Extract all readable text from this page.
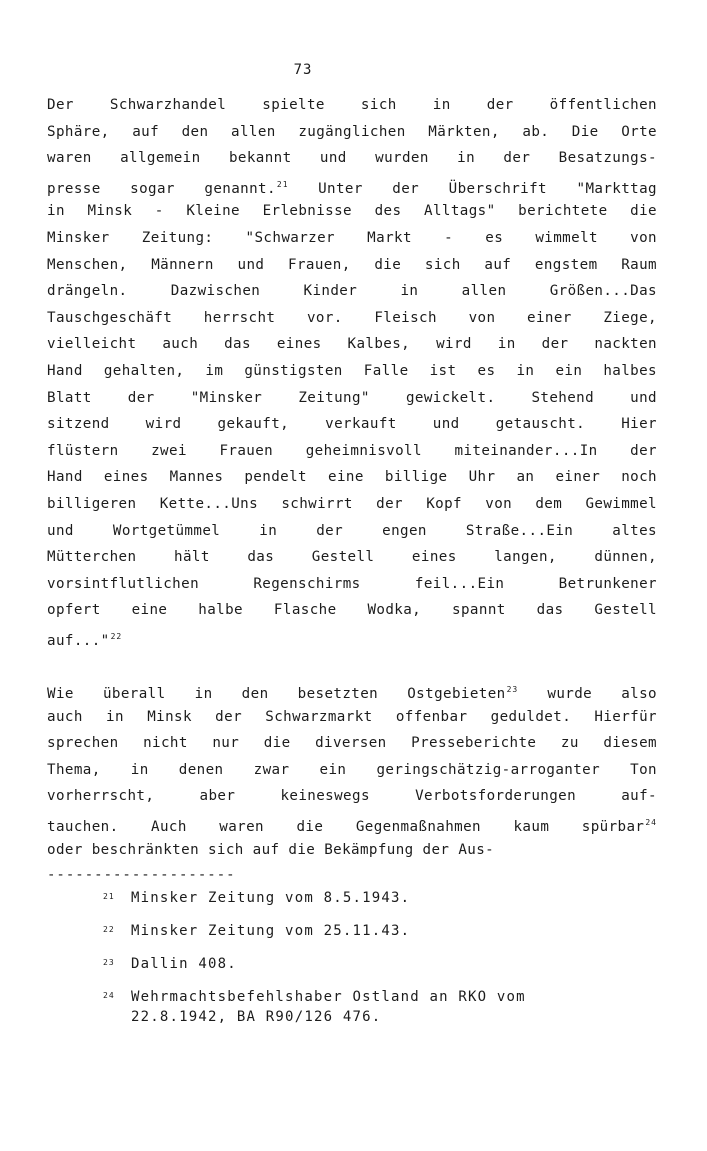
73
Der Schwarzhandel spielte sich in der öffentlichen
Sphäre, auf den allen zugänglichen Märkten, ab. Die Orte
waren allgemein bekannt und wurden in der Besatzungs-
presse sogar genannt.$^{21}$ Unter der Überschrift "Markttag
in Minsk - Kleine Erlebnisse des Alltags" berichtete die
Minsker Zeitung: "Schwarzer Markt - es wimmelt von
Menschen, Männern und Frauen, die sich auf engstem Raum
drängeln. Dazwischen Kinder in allen Größen...Das
Tauschgeschäft herrscht vor. Fleisch von einer Ziege,
vielleicht auch das eines Kalbes, wird in der nackten
Hand gehalten, im günstigsten Falle ist es in ein halbes
Blatt der "Minsker Zeitung" gewickelt. Stehend und
sitzend wird gekauft, verkauft und getauscht. Hier
flüstern zwei Frauen geheimnisvoll miteinander...In der
Hand eines Mannes pendelt eine billige Uhr an einer noch
billigeren Kette...Uns schwirrt der Kopf von dem Gewimmel
und Wortgetümmel in der engen Straße...Ein altes
Mütterchen hält das Gestell eines langen, dünnen,
vorsintflutlichen Regenschirms feil...Ein Betrunkener
opfert eine halbe Flasche Wodka, spannt das Gestell
auf..."$^{22}$
Wie überall in den besetzten Ostgebieten$^{23}$ wurde also
auch in Minsk der Schwarzmarkt offenbar geduldet. Hierfür
sprechen nicht nur die diversen Presseberichte zu diesem
Thema, in denen zwar ein geringschätzig-arroganter Ton
vorherrscht, aber keineswegs Verbotsforderungen auf-
tauchen. Auch waren die Gegenmaßnahmen kaum spürbar$^{24}$
oder beschränkten sich auf die Bekämpfung der Aus-
--------------------
21 Minsker Zeitung vom 8.5.1943.
22 Minsker Zeitung vom 25.11.43.
23 Dallin 408.
24 Wehrmachtsbefehlshaber Ostland an RKO vom
22.8.1942, BA R90/126 476.
